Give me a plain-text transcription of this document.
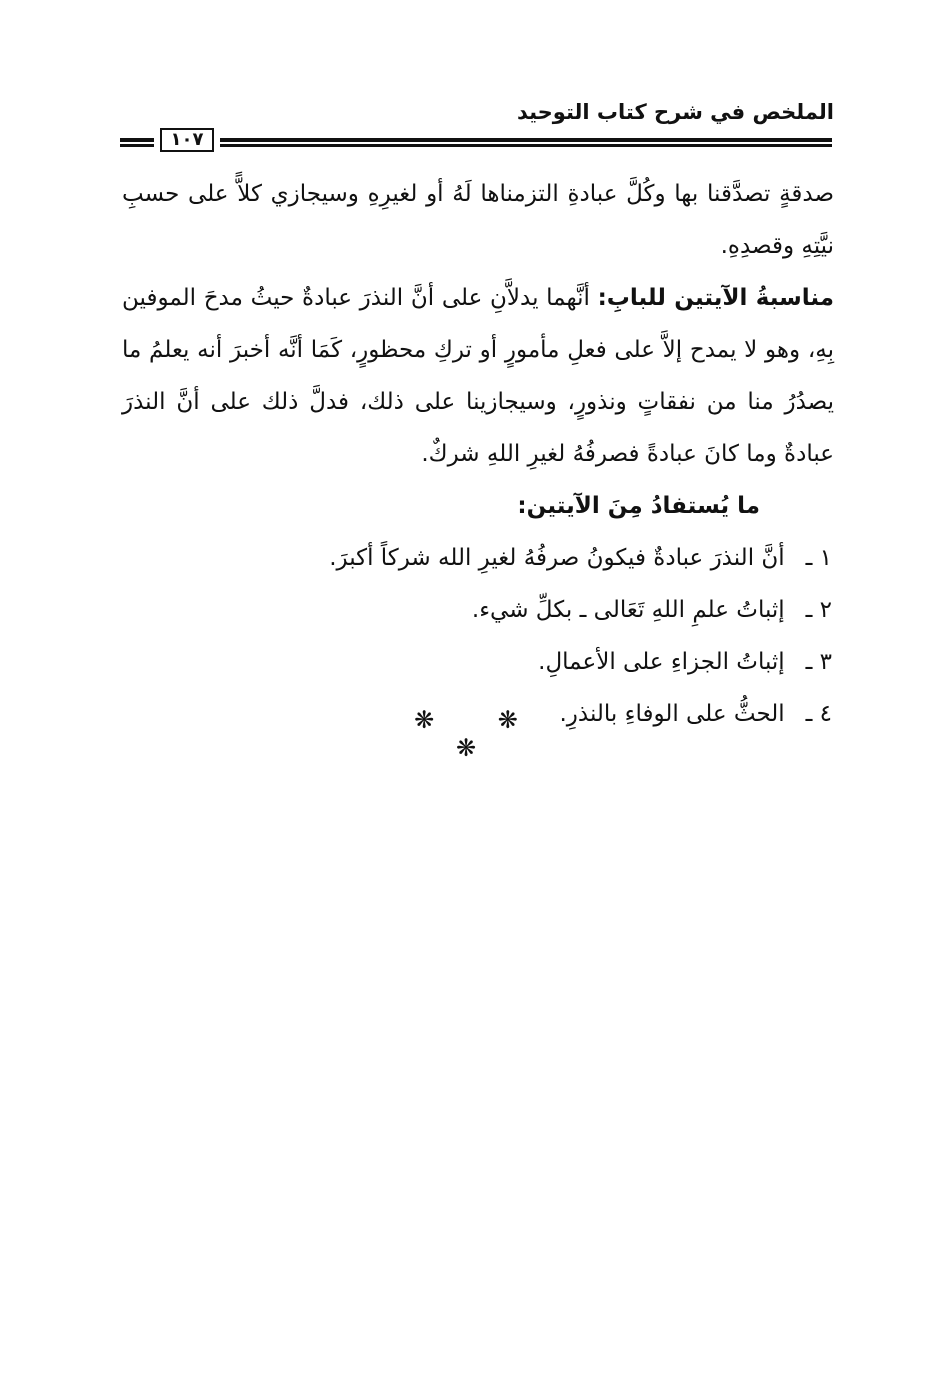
الملخص في شرح كتاب التوحيد
١٠٧

صدقةٍ تصدَّقنا بها وكُلَّ عبادةِ التزمناها لَهُ أو لغيرِهِ وسيجازي كلاًّ على حسبِ نيَّتِهِ وقصدِهِ.

مناسبةُ الآيتين للبابِ: أنَّهما يدلاَّنِ على أنَّ النذرَ عبادةٌ حيثُ مدحَ الموفين بِهِ، وهو لا يمدح إلاَّ على فعلِ مأمورٍ أو تركِ محظورٍ، كَمَا أنَّه أخبرَ أنه يعلمُ ما يصدُرُ منا من نفقاتٍ ونذورٍ، وسيجازينا على ذلك، فدلَّ ذلك على أنَّ النذرَ عبادةٌ وما كانَ عبادةً فصرفُهُ لغيرِ اللهِ شركٌ.

ما يُستفادُ مِنَ الآيتين:

١ ـ أنَّ النذرَ عبادةٌ فيكونُ صرفُهُ لغيرِ الله شركاً أكبرَ.
٢ ـ إثباتُ علمِ اللهِ تَعَالى ـ بكلِّ شيء.
٣ ـ إثباتُ الجزاءِ على الأعمالِ.
٤ ـ الحثُّ على الوفاءِ بالنذرِ.
❋ ❋ ❋
